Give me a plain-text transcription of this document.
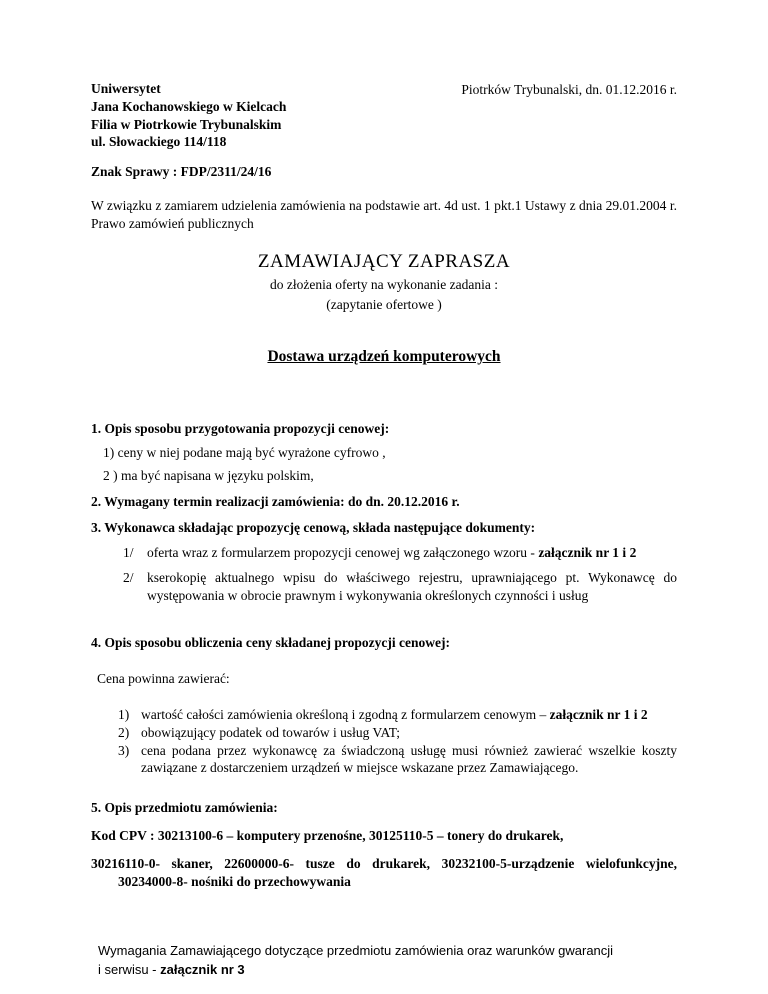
Uniwersytet
Jana Kochanowskiego w Kielcach
Filia w Piotrkowie Trybunalskim
ul. Słowackiego 114/118
Piotrków Trybunalski, dn. 01.12.2016 r.
Znak Sprawy : FDP/2311/24/16

W związku z zamiarem udzielenia zamówienia na podstawie art. 4d ust. 1 pkt.1 Ustawy z dnia 29.01.2004 r. Prawo zamówień publicznych

ZAMAWIAJĄCY ZAPRASZA
do złożenia oferty na wykonanie zadania :
(zapytanie ofertowe )
Dostawa urządzeń komputerowych
1. Opis sposobu przygotowania propozycji cenowej:
1) ceny w niej podane mają być wyrażone cyfrowo ,
2 ) ma być napisana w języku polskim,
2. Wymagany termin realizacji zamówienia: do dn. 20.12.2016 r.
3. Wykonawca składając propozycję cenową, składa następujące dokumenty:
1/ oferta wraz z formularzem propozycji cenowej wg załączonego wzoru - załącznik nr 1 i 2
2/ kserokopię aktualnego wpisu do właściwego rejestru, uprawniającego pt. Wykonawcę do występowania w obrocie prawnym i wykonywania określonych czynności i usług
4. Opis sposobu obliczenia ceny składanej propozycji cenowej:
Cena powinna zawierać:
1) wartość całości zamówienia określoną i zgodną z formularzem cenowym – załącznik nr 1 i 2
2) obowiązujący podatek od towarów i usług VAT;
3) cena podana przez wykonawcę za świadczoną usługę musi również zawierać wszelkie koszty zawiązane z dostarczeniem urządzeń w miejsce wskazane przez Zamawiającego.
5. Opis przedmiotu zamówienia:
Kod CPV : 30213100-6 – komputery przenośne, 30125110-5 – tonery do drukarek,
30216110-0- skaner, 22600000-6- tusze do drukarek, 30232100-5-urządzenie wielofunkcyjne, 30234000-8- nośniki do przechowywania

Wymagania Zamawiającego dotyczące przedmiotu zamówienia oraz warunków gwarancji i serwisu - załącznik nr 3
